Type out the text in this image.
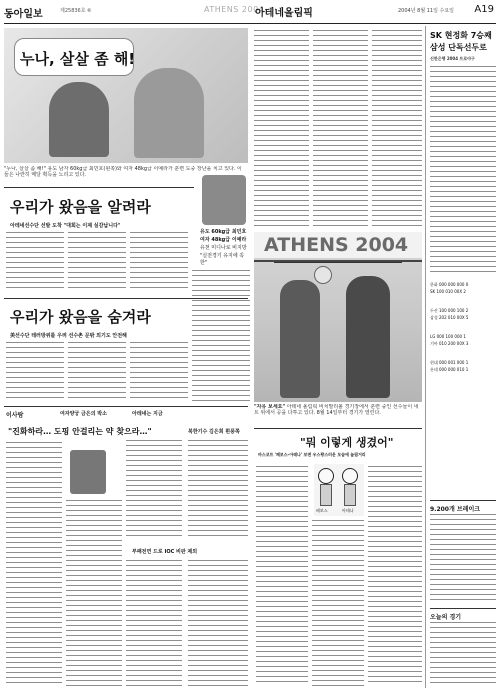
동아일보	제25836호 ⑥	ATHENS 2004
아테네올림픽	2004년 8월 11일 수요일 A19
누나, 살살 좀 해!
"누나, 살살 좀 해!" 유도 남자 60kg급 최민호(왼쪽)와 여자 48kg급 이예라가 훈련 도중 장난을 치고 있다. 이들은 나란히 메달 획득을 노리고 있다.
유도 60kg급 최민호
여자 48kg급 이예라
유천 미디나로 비지방
"실전경기 유지에 꼭한"
우리가 왔음을 알려라
아테네선수단 선발 도착 "대회는 이제 실감납니다"
우리가 왔음을 숨겨라
美선수단 테러방위를 우려 선수촌 문밖 외기도 안전해
이사람	여자양궁 금은의 박소
"진화하라… 도핑 안걸리는 약 찾으라…"
아테네는 지금
북한기수 김은희 흰풍쪽
부패전면 드로 IOC 비판 제외
ATHENS 2004
"자유 보세요" 아테네 올림픽 비치발리볼 경기장에서 훈련 중인 선수들이 네트 위에서 공을 다투고 있다. 8월 14일부터 경기가 열린다.
"뭐 이렇게 생겼어"
마스코트 '페보스-아테나' 보면 우스꽝스러운 모습에 놀림거리
페보스	아테나
SK 현정화 7승째
삼성 단독선두로
신한은행 2004 프로야구
한화 000 000 000 0
SK 100 010 00X 2
두산 100 000 100 2
삼성 202 010 00X 5
LG 000 100 000 1
기아 010 200 00X 3
현대 000 001 000 1
롯데 000 000 010 1
9.200개 브레이크
오늘의 경기
